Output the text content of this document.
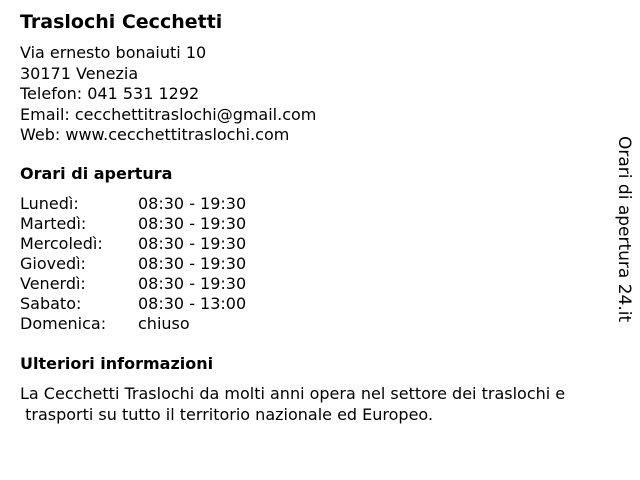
Traslochi Cecchetti
Via ernesto bonaiuti 10
30171 Venezia
Telefon: 041 531 1292
Email: cecchettitraslochi@gmail.com
Web: www.cecchettitraslochi.com
Orari di apertura
Lunedì:	08:30 - 19:30
Martedì:	08:30 - 19:30
Mercoledì:	08:30 - 19:30
Giovedì:	08:30 - 19:30
Venerdì:	08:30 - 19:30
Sabato:	08:30 - 13:00
Domenica:	chiuso
Ulteriori informazioni
La Cecchetti Traslochi da molti anni opera nel settore dei traslochi e
trasporti su tutto il territorio nazionale ed Europeo.
Orari di apertura 24.it
